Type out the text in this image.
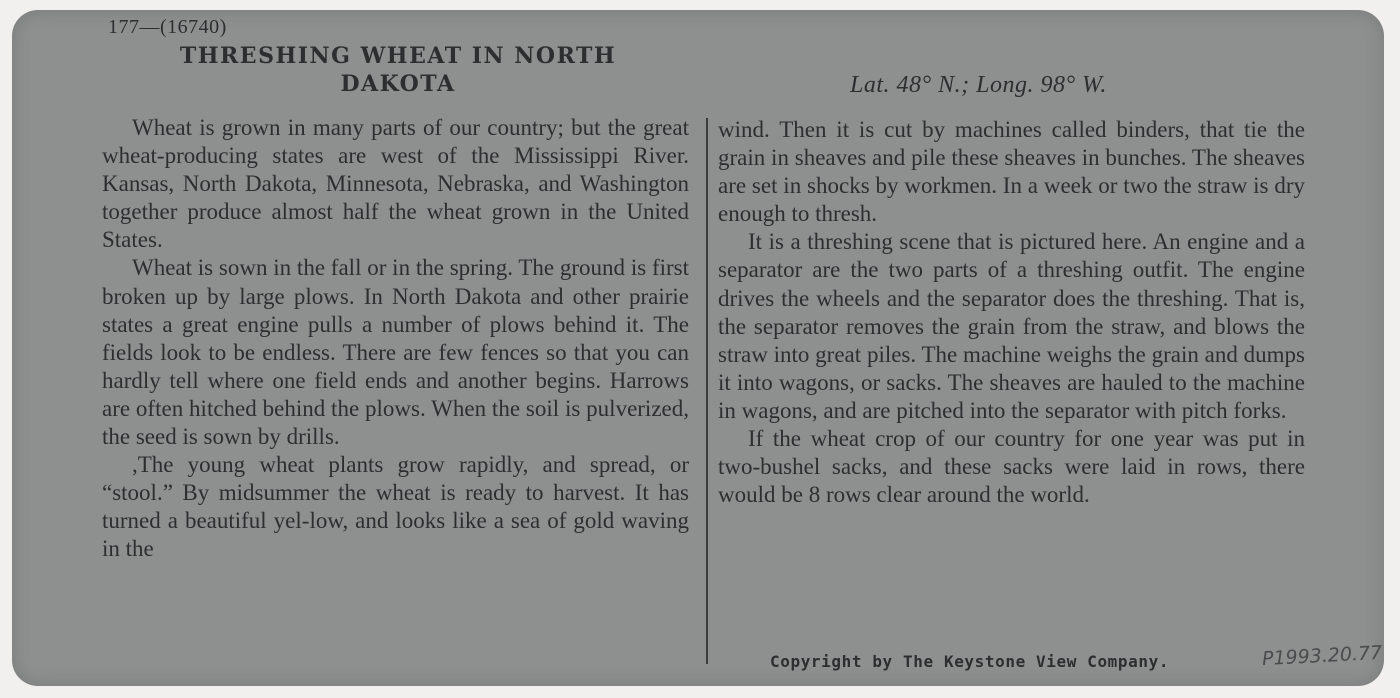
177—(16740)
THRESHING WHEAT IN NORTH
DAKOTA	Lat. 48° N.; Long. 98° W.

Wheat is grown in many parts of our country; but the great wheat-producing states are west of the Mississippi River. Kansas, North Dakota, Minnesota, Nebraska, and Washington together produce almost half the wheat grown in the United States.

Wheat is sown in the fall or in the spring. The ground is first broken up by large plows. In North Dakota and other prairie states a great engine pulls a number of plows behind it. The fields look to be endless. There are few fences so that you can hardly tell where one field ends and another begins. Harrows are often hitched behind the plows. When the soil is pulverized, the seed is sown by drills.

,The young wheat plants grow rapidly, and spread, or “stool.” By midsummer the wheat is ready to harvest. It has turned a beautiful yel-low, and looks like a sea of gold waving in the

wind. Then it is cut by machines called binders, that tie the grain in sheaves and pile these sheaves in bunches. The sheaves are set in shocks by workmen. In a week or two the straw is dry enough to thresh.

It is a threshing scene that is pictured here. An engine and a separator are the two parts of a threshing outfit. The engine drives the wheels and the separator does the threshing. That is, the separator removes the grain from the straw, and blows the straw into great piles. The machine weighs the grain and dumps it into wagons, or sacks. The sheaves are hauled to the machine in wagons, and are pitched into the separator with pitch forks.

If the wheat crop of our country for one year was put in two-bushel sacks, and these sacks were laid in rows, there would be 8 rows clear around the world.

Copyright by The Keystone View Company.	P1993.20.77
